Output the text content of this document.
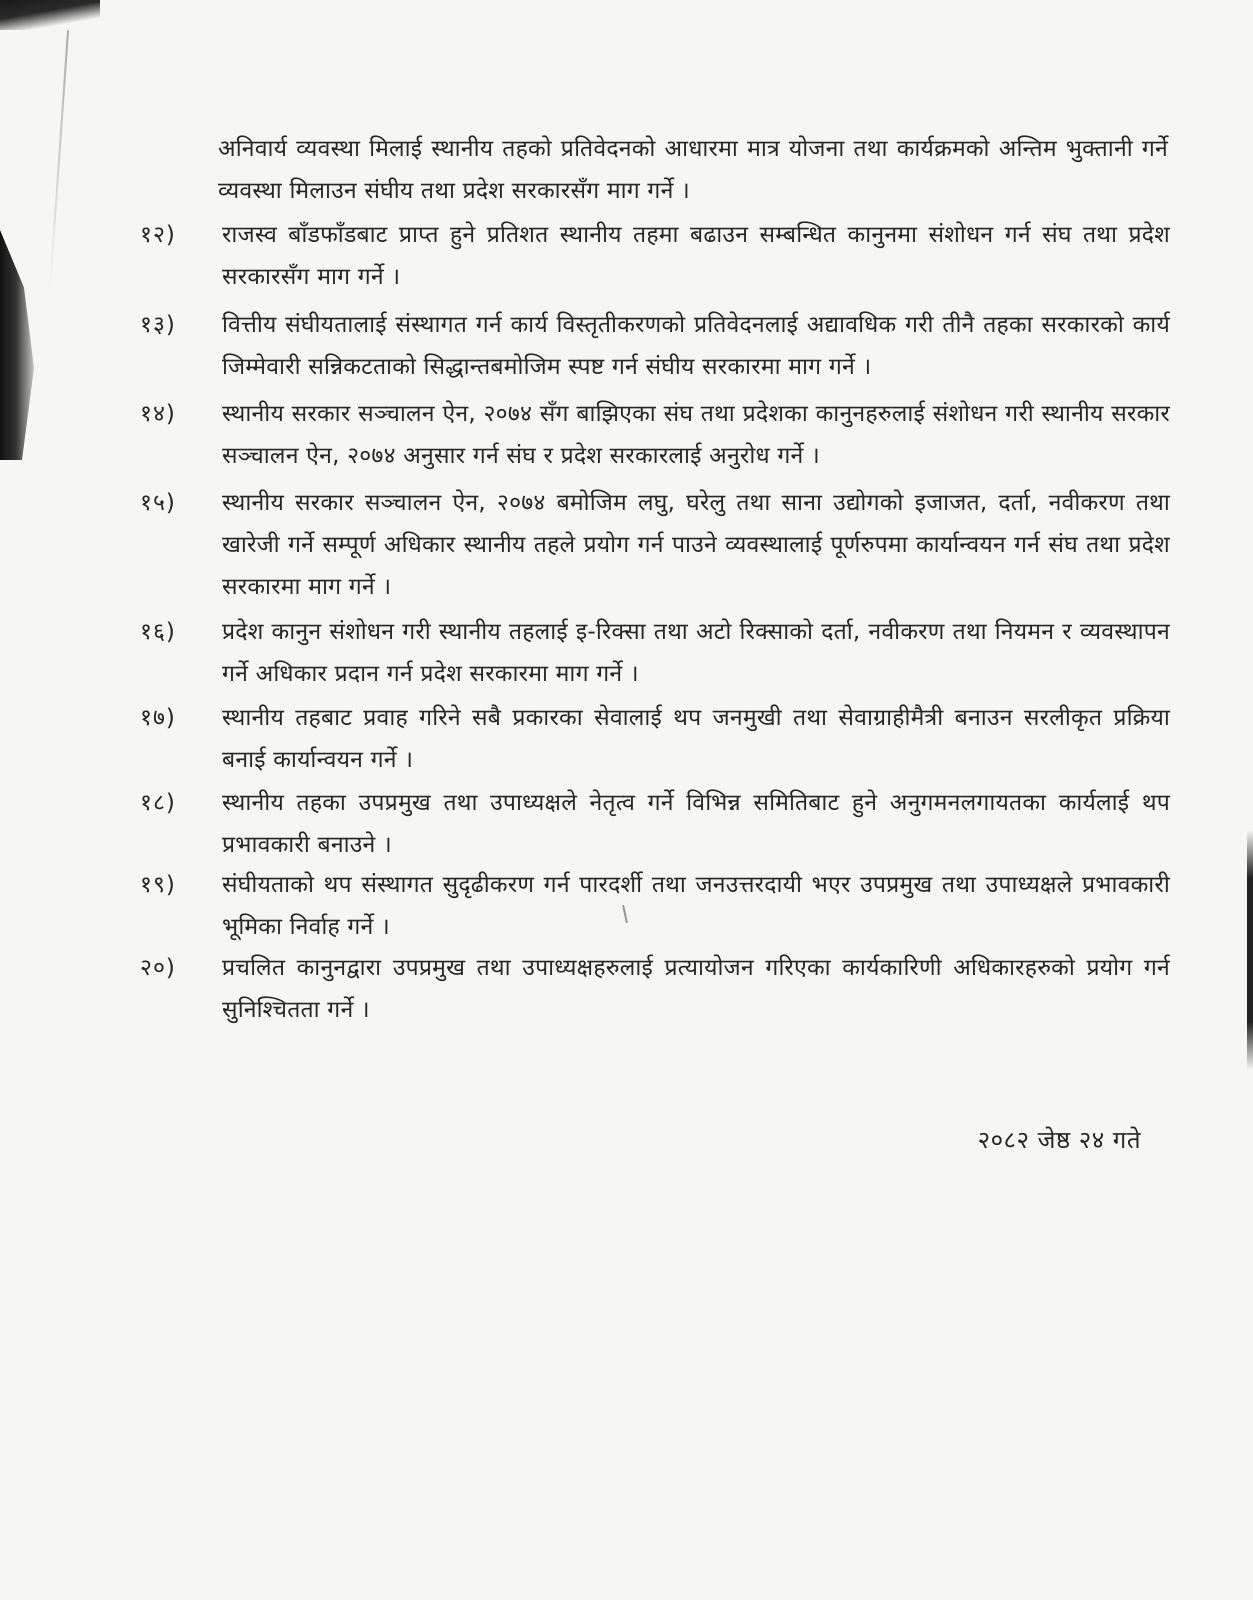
अनिवार्य व्यवस्था मिलाई स्थानीय तहको प्रतिवेदनको आधारमा मात्र योजना तथा कार्यक्रमको अन्तिम भुक्तानी गर्ने व्यवस्था मिलाउन संघीय तथा प्रदेश सरकारसँग माग गर्ने ।

१२)	राजस्व बाँडफाँडबाट प्राप्त हुने प्रतिशत स्थानीय तहमा बढाउन सम्बन्धित कानुनमा संशोधन गर्न संघ तथा प्रदेश सरकारसँग माग गर्ने ।
१३)	वित्तीय संघीयतालाई संस्थागत गर्न कार्य विस्तृतीकरणको प्रतिवेदनलाई अद्यावधिक गरी तीनै तहका सरकारको कार्य जिम्मेवारी सन्निकटताको सिद्धान्तबमोजिम स्पष्ट गर्न संघीय सरकारमा माग गर्ने ।
१४)	स्थानीय सरकार सञ्चालन ऐन, २०७४ सँग बाझिएका संघ तथा प्रदेशका कानुनहरुलाई संशोधन गरी स्थानीय सरकार सञ्चालन ऐन, २०७४ अनुसार गर्न संघ र प्रदेश सरकारलाई अनुरोध गर्ने ।
१५)	स्थानीय सरकार सञ्चालन ऐन, २०७४ बमोजिम लघु, घरेलु तथा साना उद्योगको इजाजत, दर्ता, नवीकरण तथा खारेजी गर्ने सम्पूर्ण अधिकार स्थानीय तहले प्रयोग गर्न पाउने व्यवस्थालाई पूर्णरुपमा कार्यान्वयन गर्न संघ तथा प्रदेश सरकारमा माग गर्ने ।
१६)	प्रदेश कानुन संशोधन गरी स्थानीय तहलाई इ-रिक्सा तथा अटो रिक्साको दर्ता, नवीकरण तथा नियमन र व्यवस्थापन गर्ने अधिकार प्रदान गर्न प्रदेश सरकारमा माग गर्ने ।
१७)	स्थानीय तहबाट प्रवाह गरिने सबै प्रकारका सेवालाई थप जनमुखी तथा सेवाग्राहीमैत्री बनाउन सरलीकृत प्रक्रिया बनाई कार्यान्वयन गर्ने ।
१८)	स्थानीय तहका उपप्रमुख तथा उपाध्यक्षले नेतृत्व गर्ने विभिन्न समितिबाट हुने अनुगमनलगायतका कार्यलाई थप प्रभावकारी बनाउने ।
१९)	संघीयताको थप संस्थागत सुदृढीकरण गर्न पारदर्शी तथा जनउत्तरदायी भएर उपप्रमुख तथा उपाध्यक्षले प्रभावकारी भूमिका निर्वाह गर्ने ।
२०)	प्रचलित कानुनद्वारा उपप्रमुख तथा उपाध्यक्षहरुलाई प्रत्यायोजन गरिएका कार्यकारिणी अधिकारहरुको प्रयोग गर्न सुनिश्चितता गर्ने ।
२०८२ जेष्ठ २४ गते
